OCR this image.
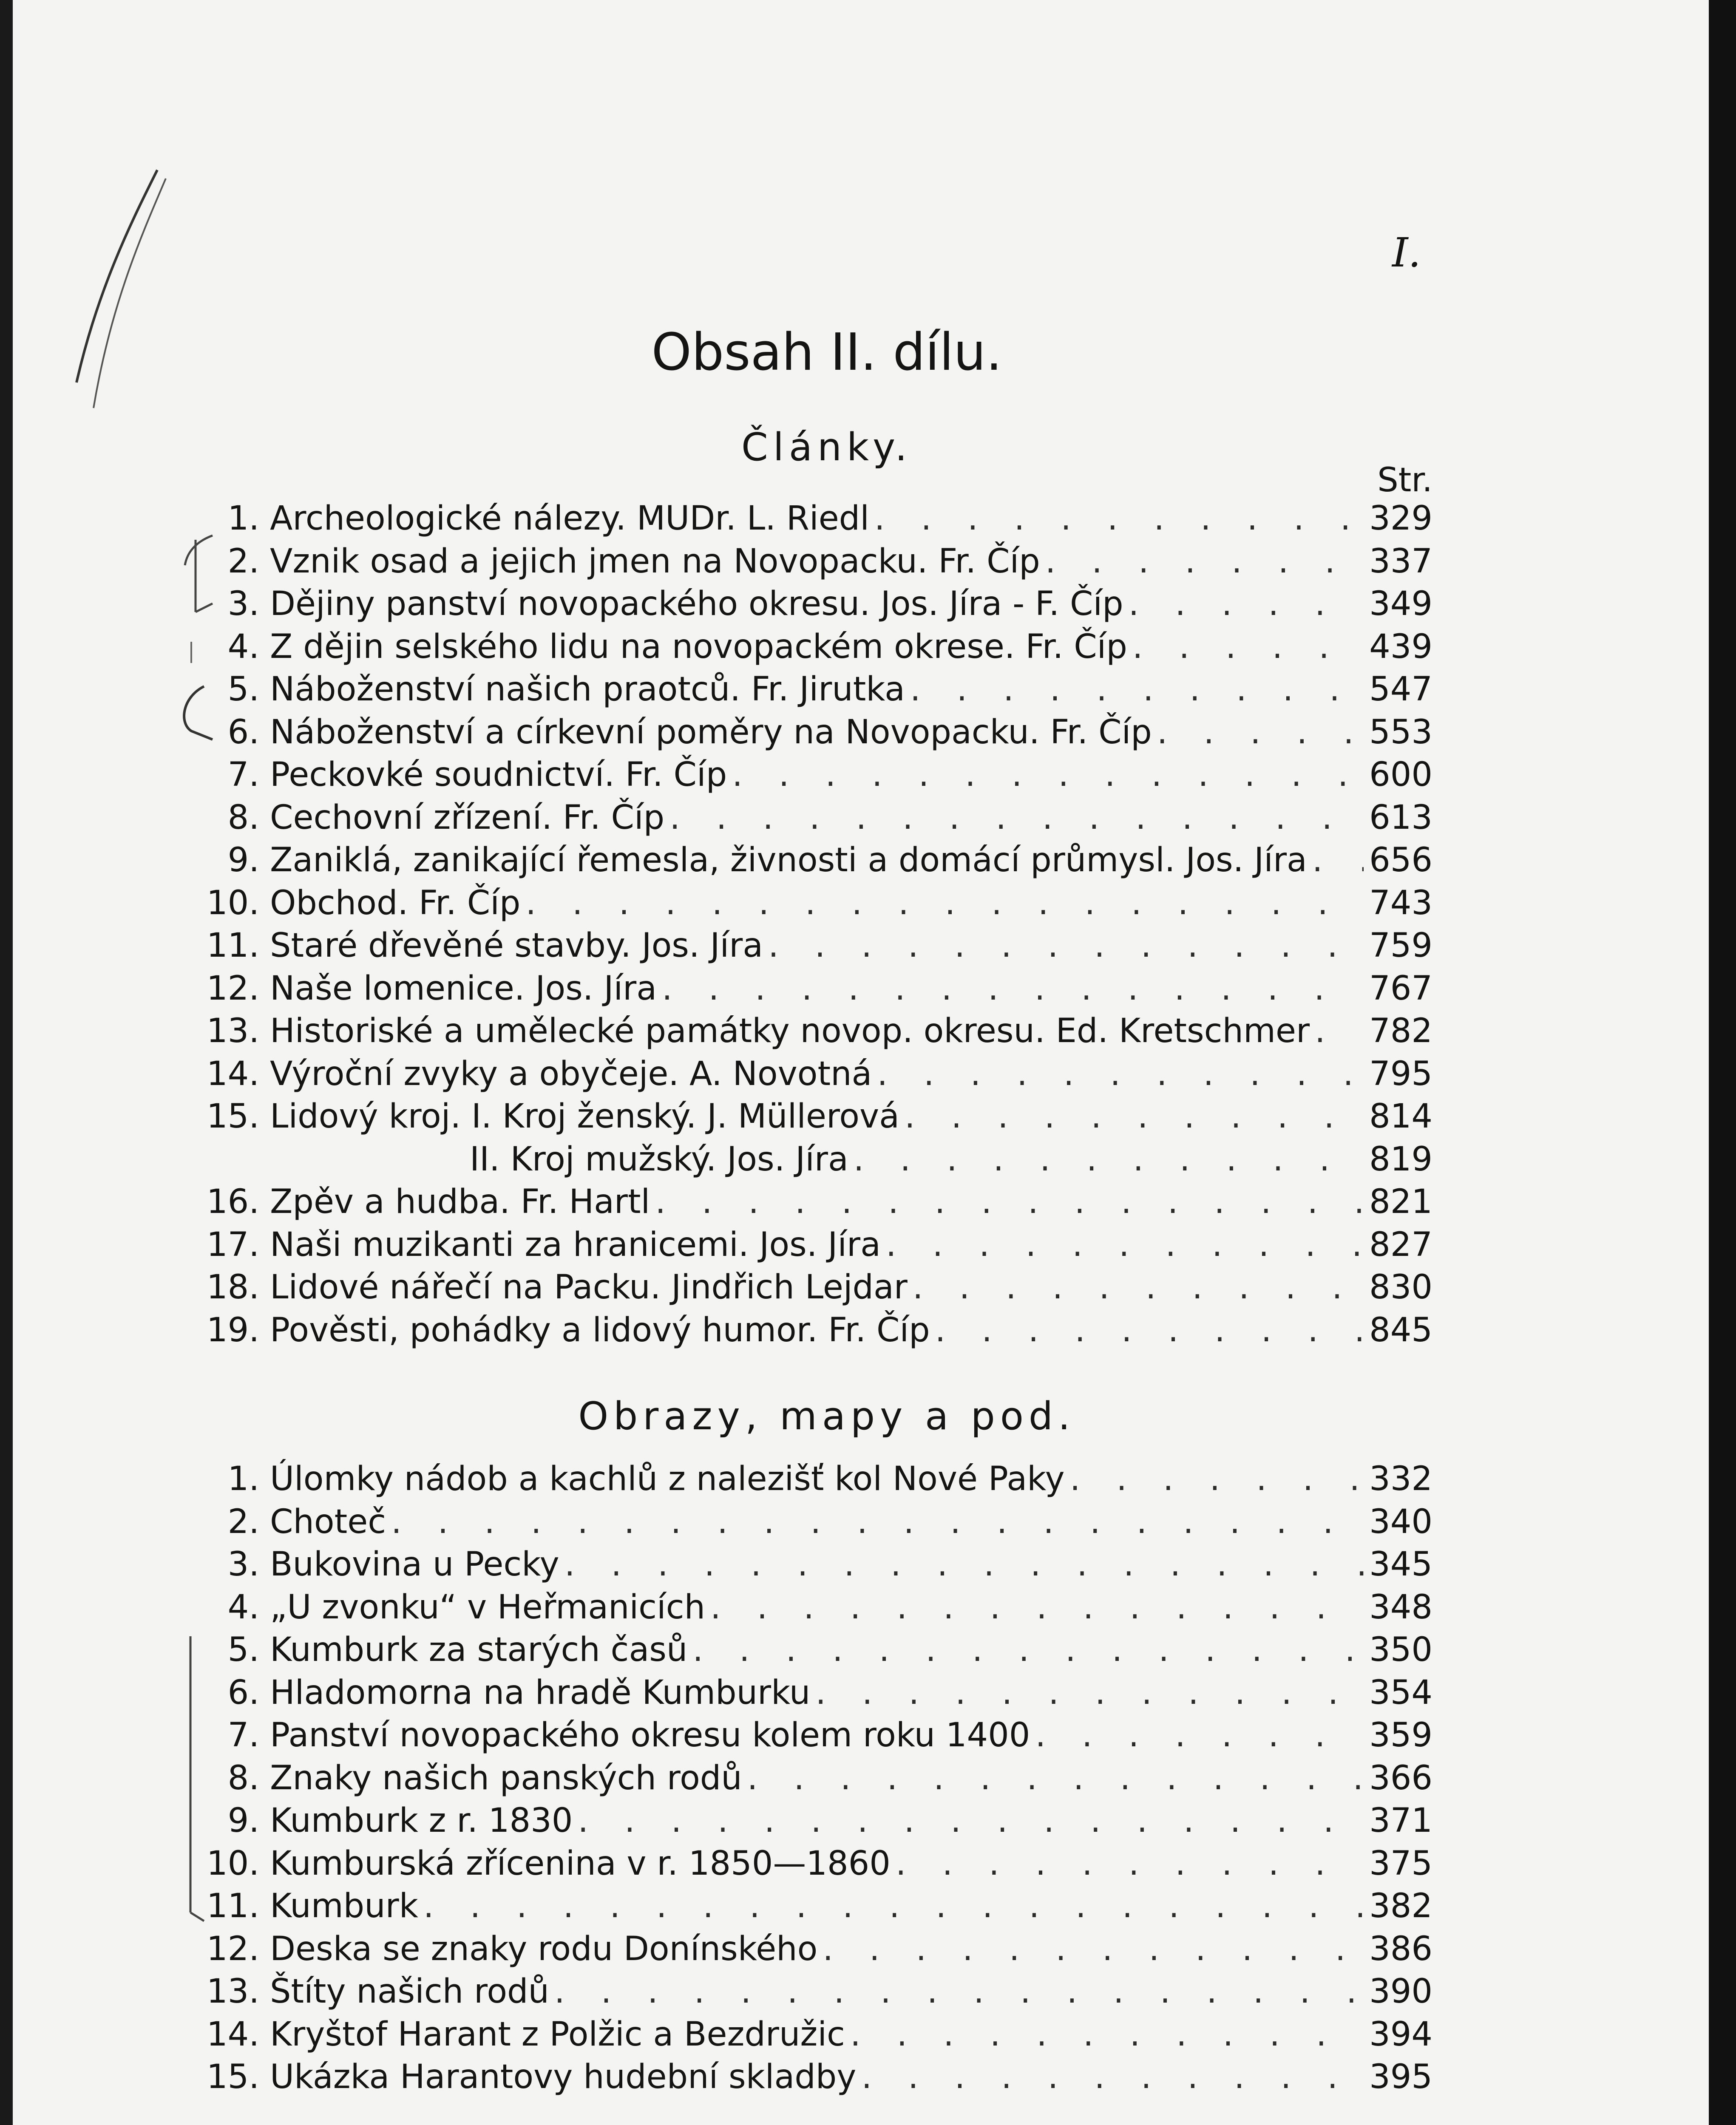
I.
Obsah II. dílu.
Články.
Str.
1. Archeologické nálezy. MUDr. L. Riedl . . .	329
2. Vznik osad a jejich jmen na Novopacku. Fr. Číp . . .	337
3. Dějiny panství novopackého okresu. Jos. Jíra - F. Číp . . .	349
4. Z dějin selského lidu na novopackém okrese. Fr. Číp . . .	439
5. Náboženství našich praotců. Fr. Jirutka . . .	547
6. Náboženství a církevní poměry na Novopacku. Fr. Číp . . .	553
7. Peckovké soudnictví. Fr. Číp . . .	600
8. Cechovní zřízení. Fr. Číp . . .	613
9. Zaniklá, zanikající řemesla, živnosti a domácí průmysl. Jos. Jíra . . . 656
10. Obchod. Fr. Číp . . .	743
11. Staré dřevěné stavby. Jos. Jíra . . .	759
12. Naše lomenice. Jos. Jíra . . .	767
13. Historiské a umělecké památky novop. okresu. Ed. Kretschmer . . . 782
14. Výroční zvyky a obyčeje. A. Novotná . . .	795
15. Lidový kroj. I. Kroj ženský. J. Müllerová . . .	814
II. Kroj mužský. Jos. Jíra . . .	819
16. Zpěv a hudba. Fr. Hartl . . .	821
17. Naši muzikanti za hranicemi. Jos. Jíra . . .	827
18. Lidové nářečí na Packu. Jindřich Lejdar . . .	830
19. Pověsti, pohádky a lidový humor. Fr. Číp . . .	845
Obrazy, mapy a pod.
1. Úlomky nádob a kachlů z nalezišť kol Nové Paky . . .	332
2. Choteč . . .	340
3. Bukovina u Pecky . . .	345
4. „U zvonku“ v Heřmanicích . . .	348
5. Kumburk za starých časů . . .	350
6. Hladomorna na hradě Kumburku . . .	354
7. Panství novopackého okresu kolem roku 1400 . . .	359
8. Znaky našich panských rodů . . .	366
9. Kumburk z r. 1830 . . .	371
10. Kumburská zřícenina v r. 1850—1860 . . .	375
11. Kumburk . . .	382
12. Deska se znaky rodu Donínského . . .	386
13. Štíty našich rodů . . .	390
14. Kryštof Harant z Polžic a Bezdružic . . .	394
15. Ukázka Harantovy hudební skladby . . .	395
